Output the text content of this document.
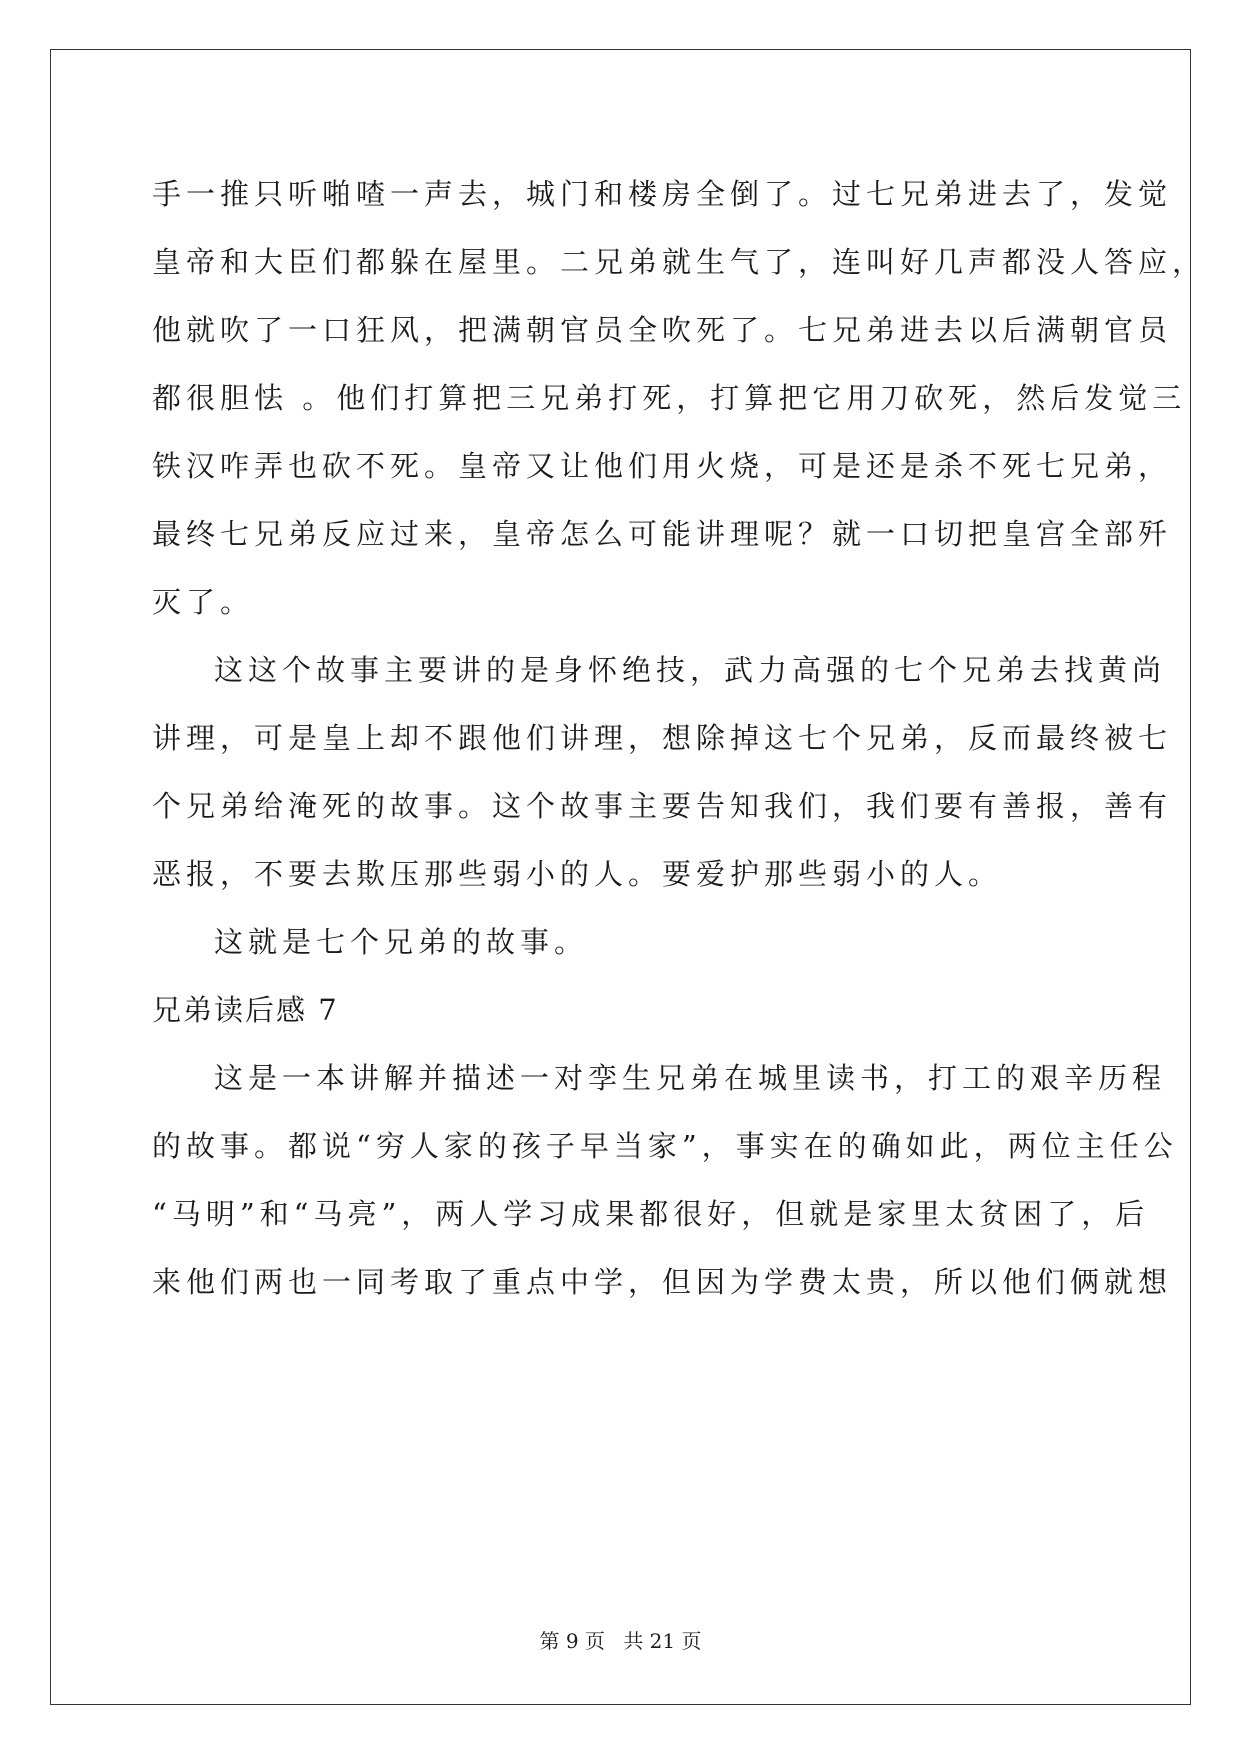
手一推只听啪喳一声去，城门和楼房全倒了。过七兄弟进去了，发觉
皇帝和大臣们都躲在屋里。二兄弟就生气了，连叫好几声都没人答应，
他就吹了一口狂风，把满朝官员全吹死了。七兄弟进去以后满朝官员
都很胆怯 。他们打算把三兄弟打死，打算把它用刀砍死，然后发觉三
铁汉咋弄也砍不死。皇帝又让他们用火烧，可是还是杀不死七兄弟，
最终七兄弟反应过来，皇帝怎么可能讲理呢？就一口切把皇宫全部歼
灭了。
这这个故事主要讲的是身怀绝技，武力高强的七个兄弟去找黄尚
讲理，可是皇上却不跟他们讲理，想除掉这七个兄弟，反而最终被七
个兄弟给淹死的故事。这个故事主要告知我们，我们要有善报，善有
恶报，不要去欺压那些弱小的人。要爱护那些弱小的人。
这就是七个兄弟的故事。
兄弟读后感 7
这是一本讲解并描述一对孪生兄弟在城里读书，打工的艰辛历程
的故事。都说“穷人家的孩子早当家”，事实在的确如此，两位主任公
“马明”和“马亮”，两人学习成果都很好，但就是家里太贫困了，后
来他们两也一同考取了重点中学，但因为学费太贵，所以他们俩就想
第 9 页 共 21 页
